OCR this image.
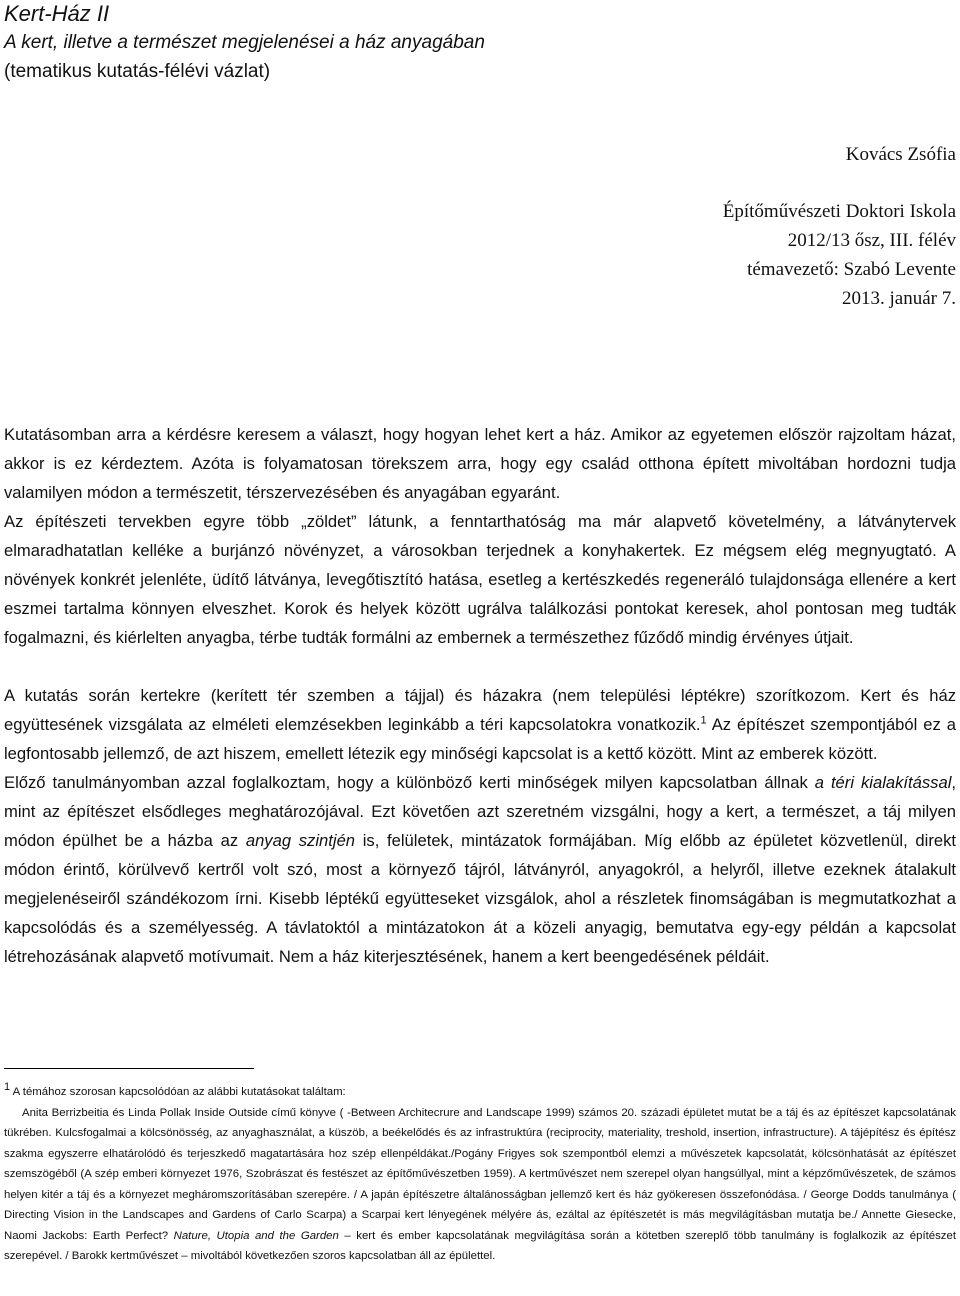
Kert-Ház II

A kert, illetve a természet megjelenései a ház anyagában

(tematikus kutatás-félévi vázlat)

Kovács Zsófia
Építőművészeti Doktori Iskola
2012/13 ősz, III. félév
témavezető: Szabó Levente
2013. január 7.

Kutatásomban arra a kérdésre keresem a választ, hogy hogyan lehet kert a ház. Amikor az egyetemen először rajzoltam házat, akkor is ez kérdeztem. Azóta is folyamatosan törekszem arra, hogy egy család otthona épített mivoltában hordozni tudja valamilyen módon a természetit, térszervezésében és anyagában egyaránt.

Az építészeti tervekben egyre több „zöldet” látunk, a fenntarthatóság ma már alapvető követelmény, a látványtervek elmaradhatatlan kelléke a burjánzó növényzet, a városokban terjednek a konyhakertek. Ez mégsem elég megnyugtató. A növények konkrét jelenléte, üdítő látványa, levegőtisztító hatása, esetleg a kertészkedés regeneráló tulajdonsága ellenére a kert eszmei tartalma könnyen elveszhet. Korok és helyek között ugrálva találkozási pontokat keresek, ahol pontosan meg tudták fogalmazni, és kiérlelten anyagba, térbe tudták formálni az embernek a természethez fűződő mindig érvényes útjait.

A kutatás során kertekre (kerített tér szemben a tájjal) és házakra (nem települési léptékre) szorítkozom. Kert és ház együttesének vizsgálata az elméleti elemzésekben leginkább a téri kapcsolatokra vonatkozik.$^1$ Az építészet szempontjából ez a legfontosabb jellemző, de azt hiszem, emellett létezik egy minőségi kapcsolat is a kettő között. Mint az emberek között.

Előző tanulmányomban azzal foglalkoztam, hogy a különböző kerti minőségek milyen kapcsolatban állnak a téri kialakítással, mint az építészet elsődleges meghatározójával. Ezt követően azt szeretném vizsgálni, hogy a kert, a természet, a táj milyen módon épülhet be a házba az anyag szintjén is, felületek, mintázatok formájában. Míg előbb az épületet közvetlenül, direkt módon érintő, körülvevő kertről volt szó, most a környező tájról, látványról, anyagokról, a helyről, illetve ezeknek átalakult megjelenéseiről szándékozom írni. Kisebb léptékű együtteseket vizsgálok, ahol a részletek finomságában is megmutatkozhat a kapcsolódás és a személyesség. A távlatoktól a mintázatokon át a közeli anyagig, bemutatva egy-egy példán a kapcsolat létrehozásának alapvető motívumait. Nem a ház kiterjesztésének, hanem a kert beengedésének példáit.

$^1$ A témához szorosan kapcsolódóan az alábbi kutatásokat találtam:
Anita Berrizbeitia és Linda Pollak Inside Outside című könyve ( -Between Architecrure and Landscape 1999) számos 20. századi épületet mutat be a táj és az építészet kapcsolatának tükrében. Kulcsfogalmai a kölcsönösség, az anyaghasználat, a küszöb, a beékelődés és az infrastruktúra (reciprocity, materiality, treshold, insertion, infrastructure). A tájépítész és építész szakma egyszerre elhatárolódó és terjeszkedő magatartására hoz szép ellenpéldákat./Pogány Frigyes sok szempontból elemzi a művészetek kapcsolatát, kölcsönhatását az építészet szemszögéből (A szép emberi környezet 1976, Szobrászat és festészet az építőművészetben 1959). A kertművészet nem szerepel olyan hangsúllyal, mint a képzőművészetek, de számos helyen kitér a táj és a környezet megháromszorításában szerepére. / A japán építészetre általánosságban jellemző kert és ház gyökeresen összefonódása. / George Dodds tanulmánya ( Directing Vision in the Landscapes and Gardens of Carlo Scarpa) a Scarpai kert lényegének mélyére ás, ezáltal az építészetét is más megvilágításban mutatja be./ Annette Giesecke, Naomi Jackobs: Earth Perfect? Nature, Utopia and the Garden – kert és ember kapcsolatának megvilágítása során a kötetben szereplő több tanulmány is foglalkozik az építészet szerepével. / Barokk kertművészet – mivoltából következően szoros kapcsolatban áll az épülettel.
